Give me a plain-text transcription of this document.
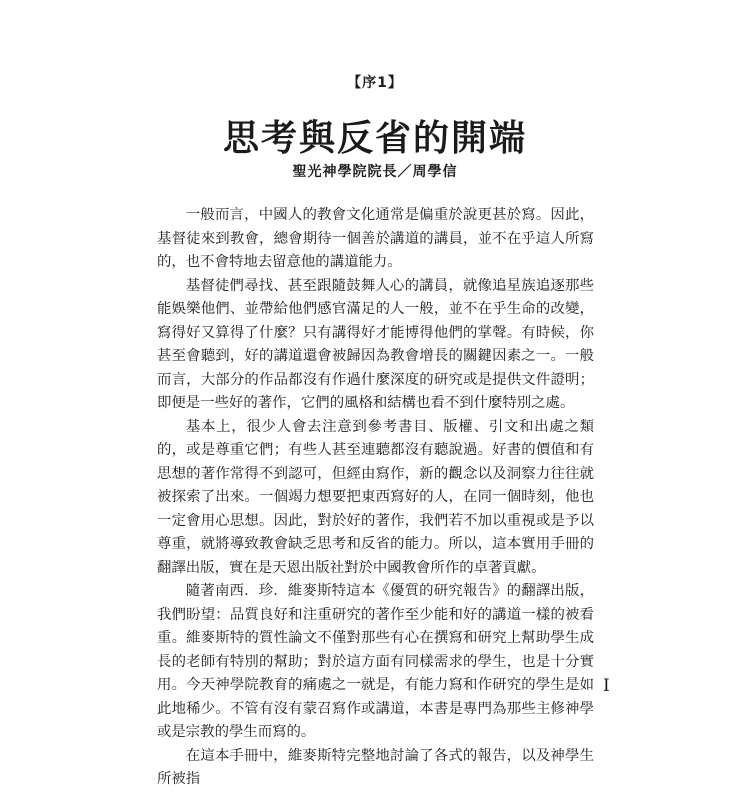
【序1】
思考與反省的開端
聖光神學院院長／周學信

一般而言，中國人的教會文化通常是偏重於說更甚於寫。因此，基督徒來到教會，總會期待一個善於講道的講員，並不在乎這人所寫的，也不會特地去留意他的講道能力。

基督徒們尋找、甚至跟隨鼓舞人心的講員，就像追星族追逐那些能娛樂他們、並帶給他們感官滿足的人一般，並不在乎生命的改變，寫得好又算得了什麼？只有講得好才能博得他們的掌聲。有時候，你甚至會聽到，好的講道還會被歸因為教會增長的關鍵因素之一。一般而言，大部分的作品都沒有作過什麼深度的研究或是提供文件證明；即便是一些好的著作，它們的風格和結構也看不到什麼特別之處。

基本上，很少人會去注意到參考書目、版權、引文和出處之類的，或是尊重它們；有些人甚至連聽都沒有聽說過。好書的價值和有思想的著作常得不到認可，但經由寫作，新的觀念以及洞察力往往就被探索了出來。一個竭力想要把東西寫好的人，在同一個時刻，他也一定會用心思想。因此，對於好的著作，我們若不加以重視或是予以尊重，就將導致教會缺乏思考和反省的能力。所以，這本實用手冊的翻譯出版，實在是天恩出版社對於中國教會所作的卓著貢獻。

隨著南西．珍．維麥斯特這本《優質的研究報告》的翻譯出版，我們盼望：品質良好和注重研究的著作至少能和好的講道一樣的被看重。維麥斯特的質性論文不僅對那些有心在撰寫和研究上幫助學生成長的老師有特別的幫助；對於這方面有同樣需求的學生，也是十分實用。今天神學院教育的痛處之一就是，有能力寫和作研究的學生是如此地稀少。不管有沒有蒙召寫作或講道，本書是專門為那些主修神學或是宗教的學生而寫的。

在這本手冊中，維麥斯特完整地討論了各式的報告，以及神學生所被指

I
